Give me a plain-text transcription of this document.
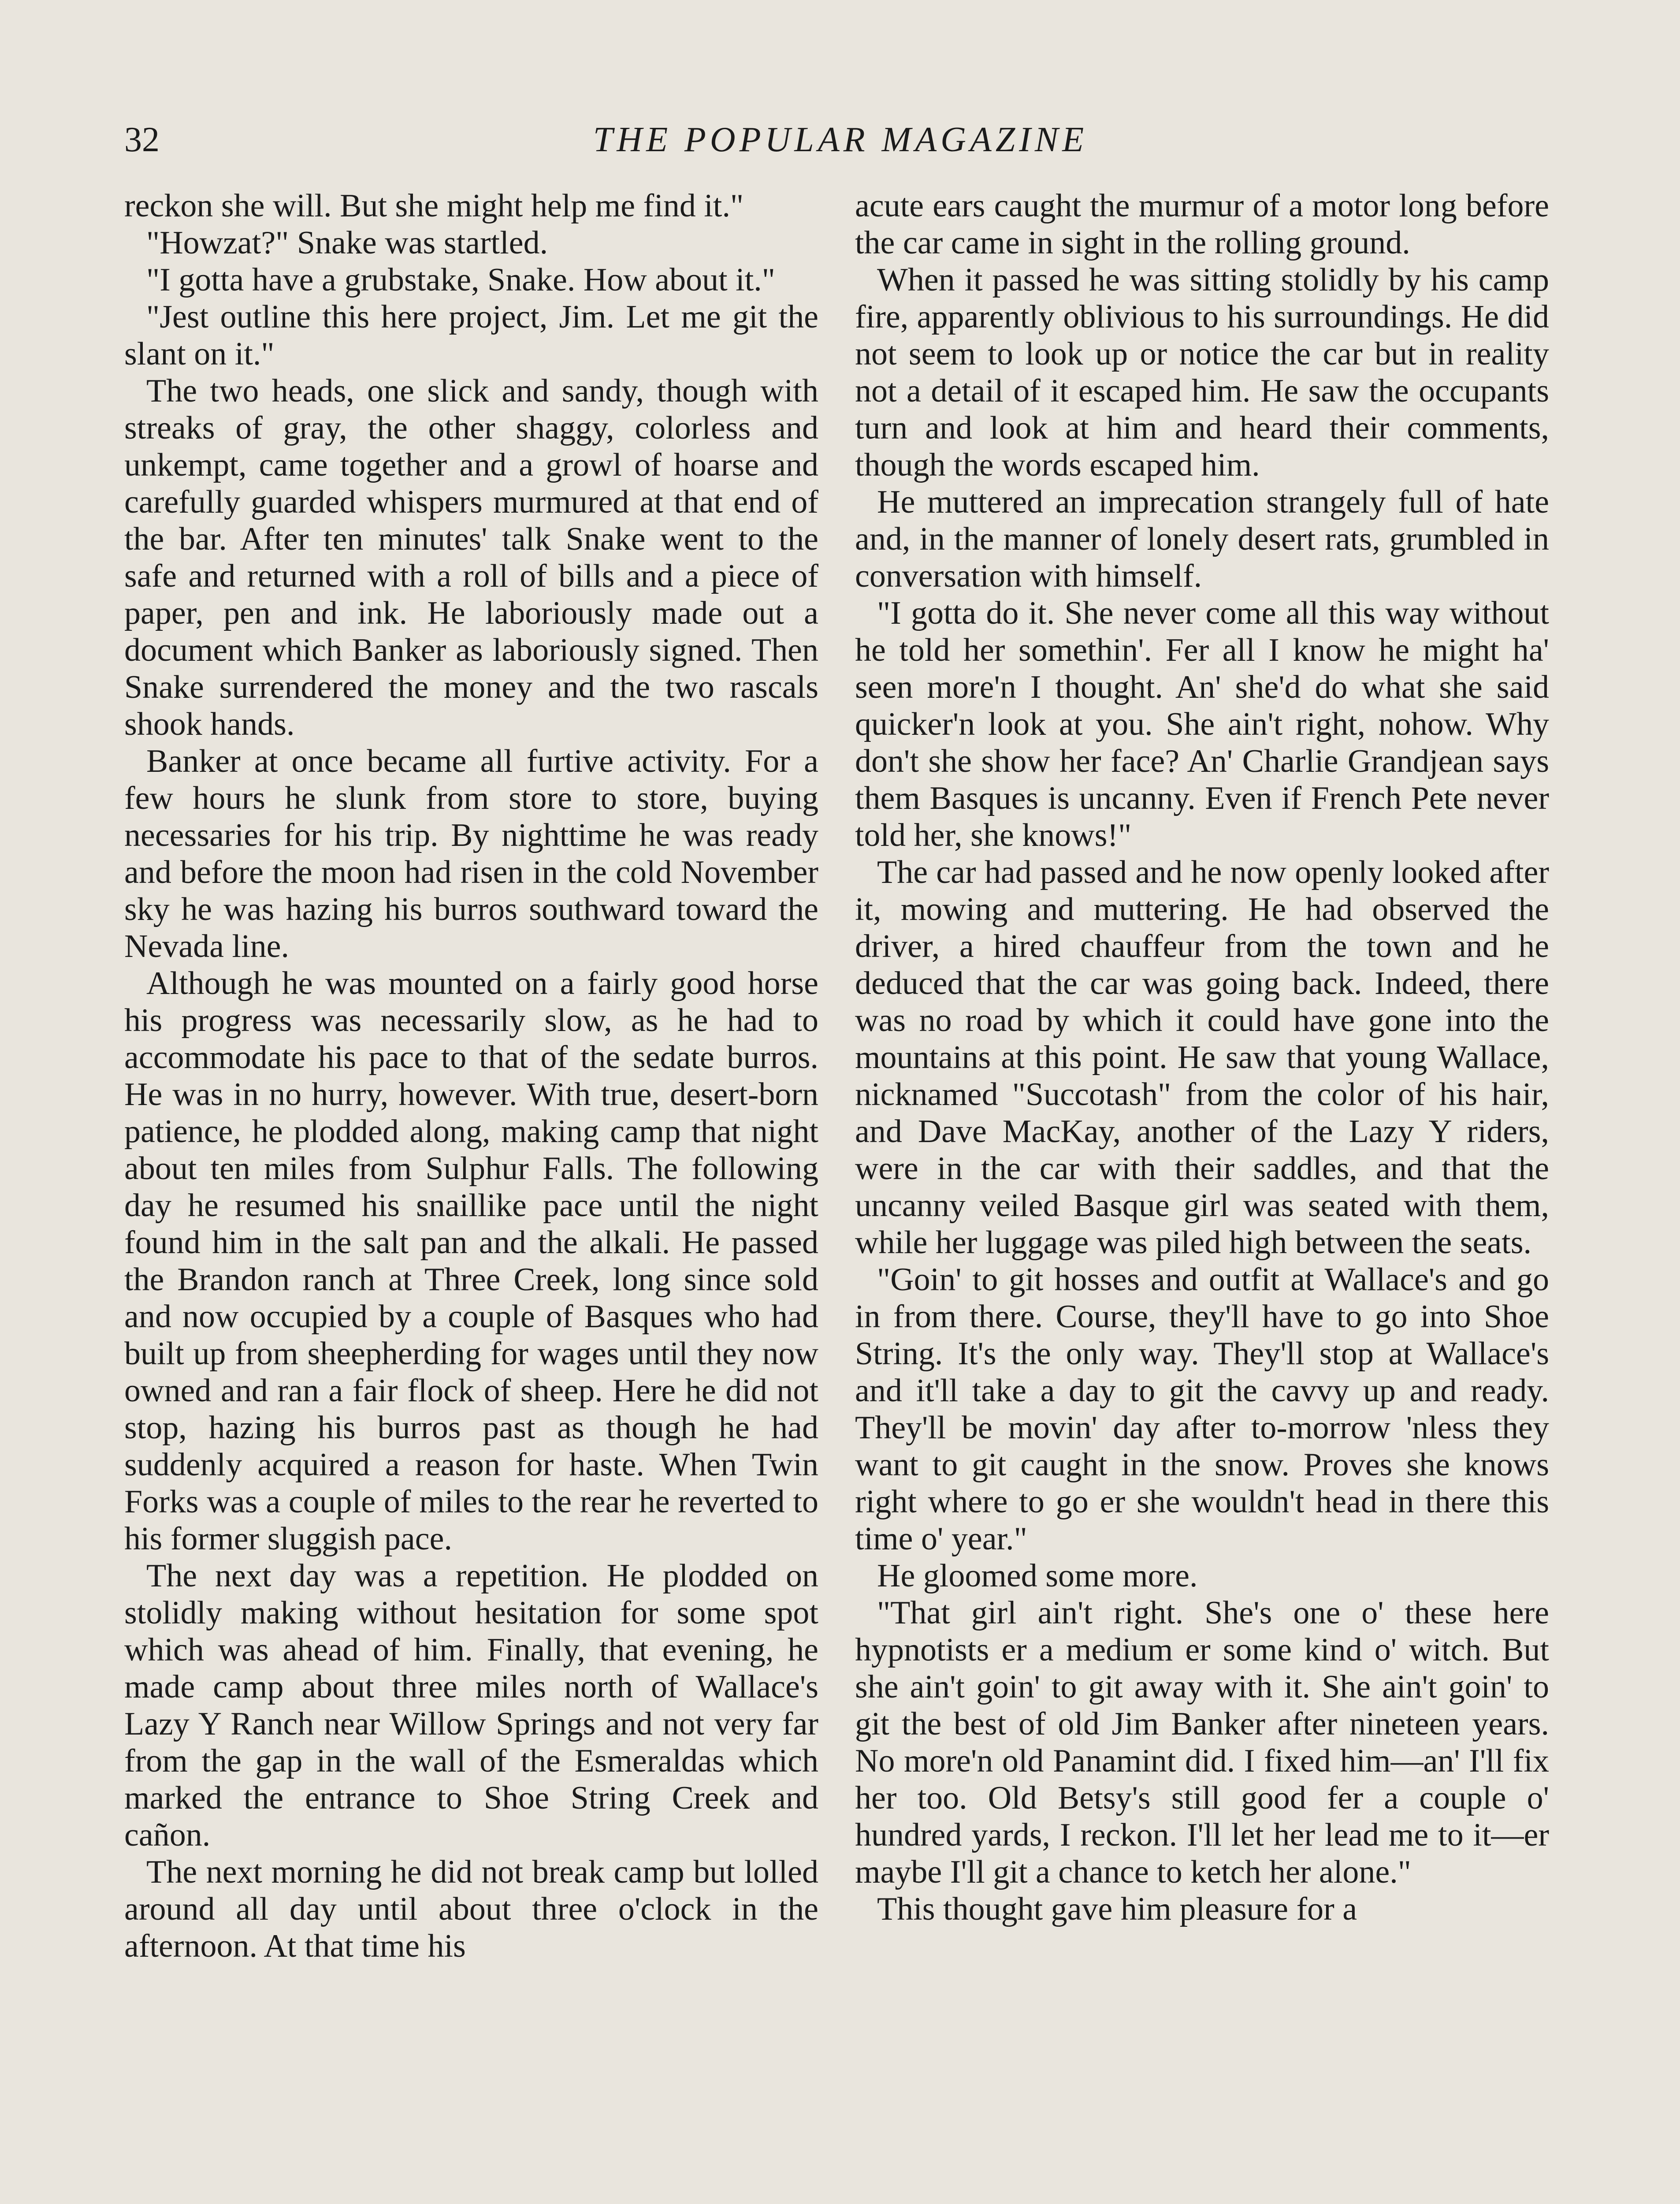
32	THE POPULAR MAGAZINE

reckon she will. But she might help me find it."

"Howzat?" Snake was startled.

"I gotta have a grubstake, Snake. How about it."

"Jest outline this here project, Jim. Let me git the slant on it."

The two heads, one slick and sandy, though with streaks of gray, the other shaggy, colorless and unkempt, came together and a growl of hoarse and carefully guarded whispers murmured at that end of the bar. After ten minutes' talk Snake went to the safe and returned with a roll of bills and a piece of paper, pen and ink. He laboriously made out a document which Banker as laboriously signed. Then Snake surrendered the money and the two rascals shook hands.

Banker at once became all furtive activity. For a few hours he slunk from store to store, buying necessaries for his trip. By nighttime he was ready and before the moon had risen in the cold November sky he was hazing his burros southward toward the Nevada line.

Although he was mounted on a fairly good horse his progress was necessarily slow, as he had to accommodate his pace to that of the sedate burros. He was in no hurry, however. With true, desert-born patience, he plodded along, making camp that night about ten miles from Sulphur Falls. The following day he resumed his snaillike pace until the night found him in the salt pan and the alkali. He passed the Brandon ranch at Three Creek, long since sold and now occupied by a couple of Basques who had built up from sheepherding for wages until they now owned and ran a fair flock of sheep. Here he did not stop, hazing his burros past as though he had suddenly acquired a reason for haste. When Twin Forks was a couple of miles to the rear he reverted to his former sluggish pace.

The next day was a repetition. He plodded on stolidly making without hesitation for some spot which was ahead of him. Finally, that evening, he made camp about three miles north of Wallace's Lazy Y Ranch near Willow Springs and not very far from the gap in the wall of the Esmeraldas which marked the entrance to Shoe String Creek and cañon.

The next morning he did not break camp but lolled around all day until about three o'clock in the afternoon. At that time his

acute ears caught the murmur of a motor long before the car came in sight in the rolling ground.

When it passed he was sitting stolidly by his camp fire, apparently oblivious to his surroundings. He did not seem to look up or notice the car but in reality not a detail of it escaped him. He saw the occupants turn and look at him and heard their comments, though the words escaped him.

He muttered an imprecation strangely full of hate and, in the manner of lonely desert rats, grumbled in conversation with himself.

"I gotta do it. She never come all this way without he told her somethin'. Fer all I know he might ha' seen more'n I thought. An' she'd do what she said quicker'n look at you. She ain't right, nohow. Why don't she show her face? An' Charlie Grandjean says them Basques is uncanny. Even if French Pete never told her, she knows!"

The car had passed and he now openly looked after it, mowing and muttering. He had observed the driver, a hired chauffeur from the town and he deduced that the car was going back. Indeed, there was no road by which it could have gone into the mountains at this point. He saw that young Wallace, nicknamed "Succotash" from the color of his hair, and Dave MacKay, another of the Lazy Y riders, were in the car with their saddles, and that the uncanny veiled Basque girl was seated with them, while her luggage was piled high between the seats.

"Goin' to git hosses and outfit at Wallace's and go in from there. Course, they'll have to go into Shoe String. It's the only way. They'll stop at Wallace's and it'll take a day to git the cavvy up and ready. They'll be movin' day after to-morrow 'nless they want to git caught in the snow. Proves she knows right where to go er she wouldn't head in there this time o' year."

He gloomed some more.

"That girl ain't right. She's one o' these here hypnotists er a medium er some kind o' witch. But she ain't goin' to git away with it. She ain't goin' to git the best of old Jim Banker after nineteen years. No more'n old Panamint did. I fixed him—an' I'll fix her too. Old Betsy's still good fer a couple o' hundred yards, I reckon. I'll let her lead me to it—er maybe I'll git a chance to ketch her alone."

This thought gave him pleasure for a
